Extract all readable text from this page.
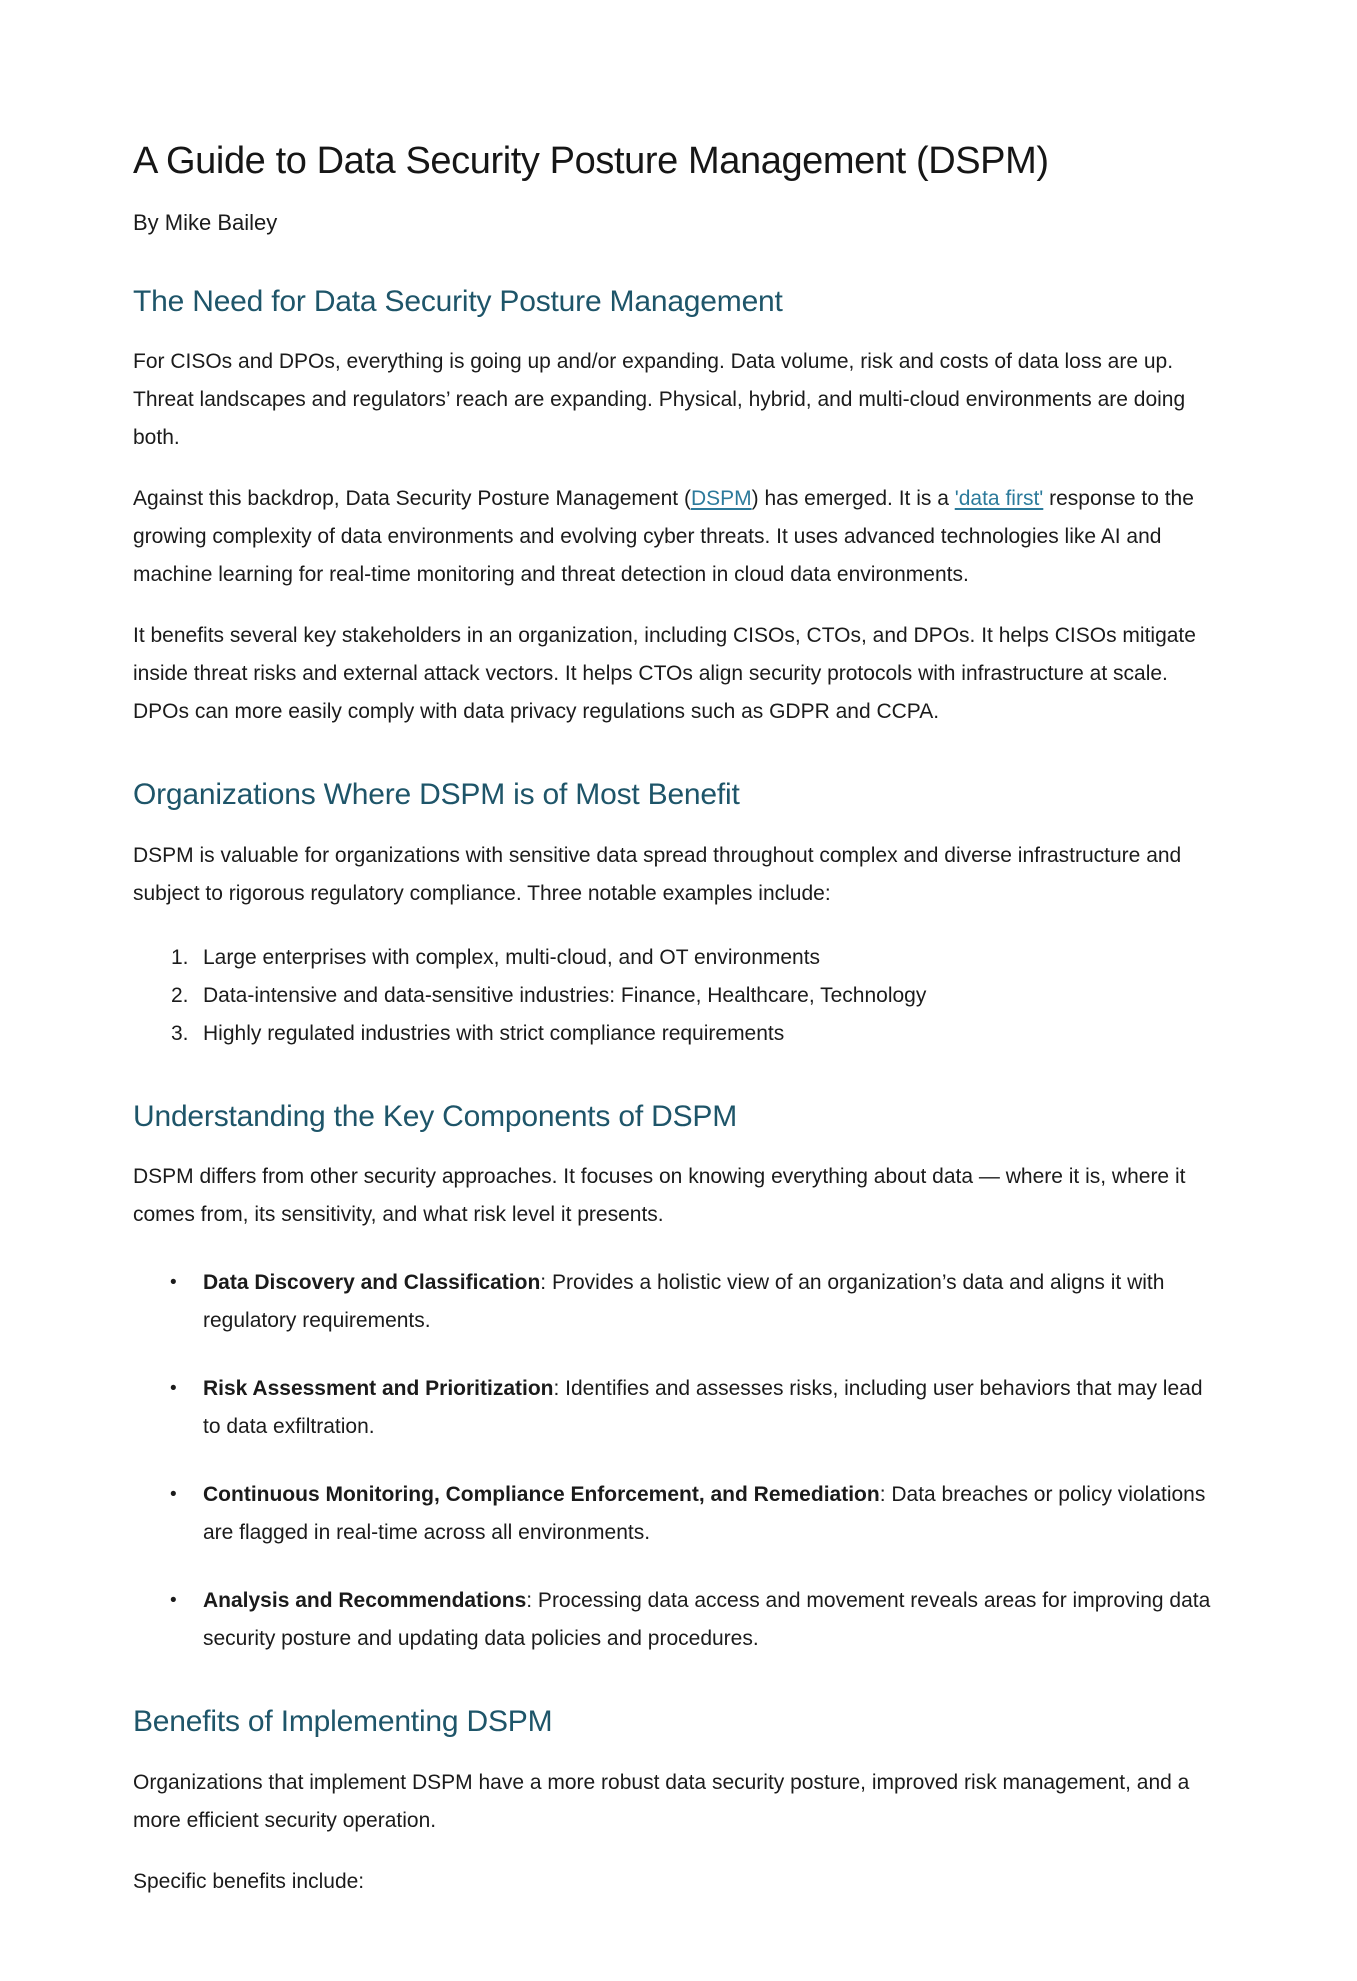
A Guide to Data Security Posture Management (DSPM)

By Mike Bailey

The Need for Data Security Posture Management

For CISOs and DPOs, everything is going up and/or expanding. Data volume, risk and costs of data loss are up. Threat landscapes and regulators’ reach are expanding. Physical, hybrid, and multi-cloud environments are doing both.

Against this backdrop, Data Security Posture Management (DSPM) has emerged. It is a 'data first' response to the growing complexity of data environments and evolving cyber threats. It uses advanced technologies like AI and machine learning for real-time monitoring and threat detection in cloud data environments.

It benefits several key stakeholders in an organization, including CISOs, CTOs, and DPOs. It helps CISOs mitigate inside threat risks and external attack vectors. It helps CTOs align security protocols with infrastructure at scale. DPOs can more easily comply with data privacy regulations such as GDPR and CCPA.

Organizations Where DSPM is of Most Benefit

DSPM is valuable for organizations with sensitive data spread throughout complex and diverse infrastructure and subject to rigorous regulatory compliance. Three notable examples include:

1. Large enterprises with complex, multi-cloud, and OT environments
2. Data-intensive and data-sensitive industries: Finance, Healthcare, Technology
3. Highly regulated industries with strict compliance requirements
Understanding the Key Components of DSPM

DSPM differs from other security approaches. It focuses on knowing everything about data — where it is, where it comes from, its sensitivity, and what risk level it presents.

•	Data Discovery and Classification: Provides a holistic view of an organization’s data and aligns it with regulatory requirements.
•	Risk Assessment and Prioritization: Identifies and assesses risks, including user behaviors that may lead to data exfiltration.
•	Continuous Monitoring, Compliance Enforcement, and Remediation: Data breaches or policy violations are flagged in real-time across all environments.
•	Analysis and Recommendations: Processing data access and movement reveals areas for improving data security posture and updating data policies and procedures.
Benefits of Implementing DSPM

Organizations that implement DSPM have a more robust data security posture, improved risk management, and a more efficient security operation.

Specific benefits include:
